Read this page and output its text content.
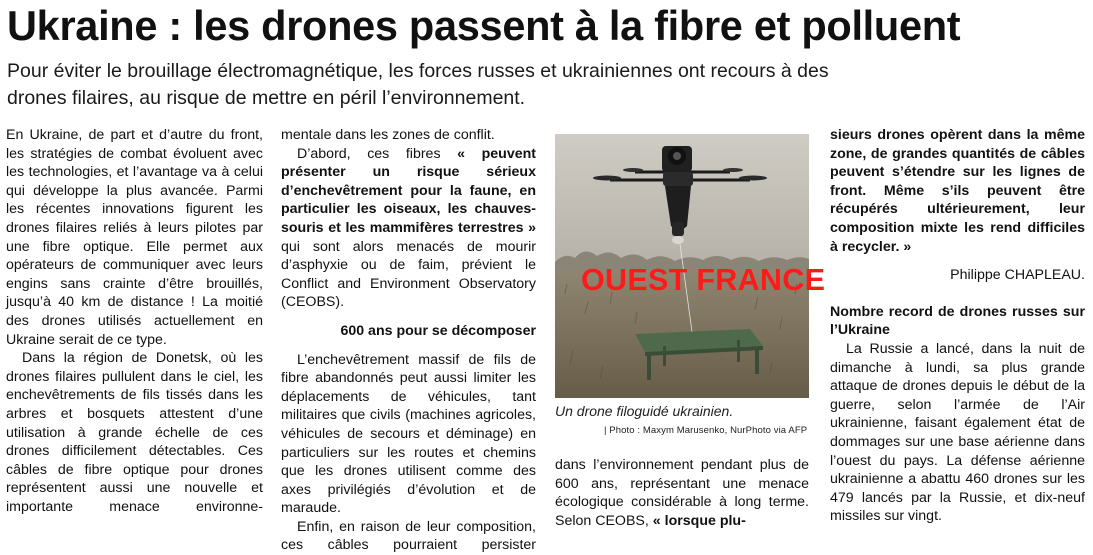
Ukraine : les drones passent à la fibre et polluent

Pour éviter le brouillage électromagnétique, les forces russes et ukrainiennes ont recours à des drones filaires, au risque de mettre en péril l’environnement.

En Ukraine, de part et d’autre du front, les stratégies de combat évoluent avec les technologies, et l’avantage va à celui qui développe la plus avancée. Parmi les récentes innovations figurent les drones filaires reliés à leurs pilotes par une fibre optique. Elle permet aux opérateurs de communiquer avec leurs engins sans crainte d’être brouillés, jusqu’à 40 km de distance ! La moitié des drones utilisés actuellement en Ukraine serait de ce type.

Dans la région de Donetsk, où les drones filaires pullulent dans le ciel, les enchevêtrements de fils tissés dans les arbres et bosquets attestent d’une utilisation à grande échelle de ces drones difficilement détectables. Ces câbles de fibre optique pour drones représentent aussi une nouvelle et importante menace environne-

mentale dans les zones de conflit.

D’abord, ces fibres « peuvent présenter un risque sérieux d’enchevêtrement pour la faune, en particulier les oiseaux, les chauves-souris et les mammifères terrestres » qui sont alors menacés de mourir d’asphyxie ou de faim, prévient le Conflict and Environment Observatory (CEOBS).

600 ans pour se décomposer

L’enchevêtrement massif de fils de fibre abandonnés peut aussi limiter les déplacements de véhicules, tant militaires que civils (machines agricoles, véhicules de secours et déminage) en particuliers sur les routes et chemins que les drones utilisent comme des axes privilégiés d’évolution et de maraude.

Enfin, en raison de leur composition, ces câbles pourraient persister

OUEST FRANCE

Un drone filoguidé ukrainien.

| Photo : Maxym Marusenko, NurPhoto via AFP

dans l’environnement pendant plus de 600 ans, représentant une menace écologique considérable à long terme. Selon CEOBS, « lorsque plu-

sieurs drones opèrent dans la même zone, de grandes quantités de câbles peuvent s’étendre sur les lignes de front. Même s’ils peuvent être récupérés ultérieurement, leur composition mixte les rend difficiles à recycler. »

Philippe CHAPLEAU.

Nombre record de drones russes sur l’Ukraine

La Russie a lancé, dans la nuit de dimanche à lundi, sa plus grande attaque de drones depuis le début de la guerre, selon l’armée de l’Air ukrainienne, faisant également état de dommages sur une base aérienne dans l’ouest du pays. La défense aérienne ukrainienne a abattu 460 drones sur les 479 lancés par la Russie, et dix-neuf missiles sur vingt.
